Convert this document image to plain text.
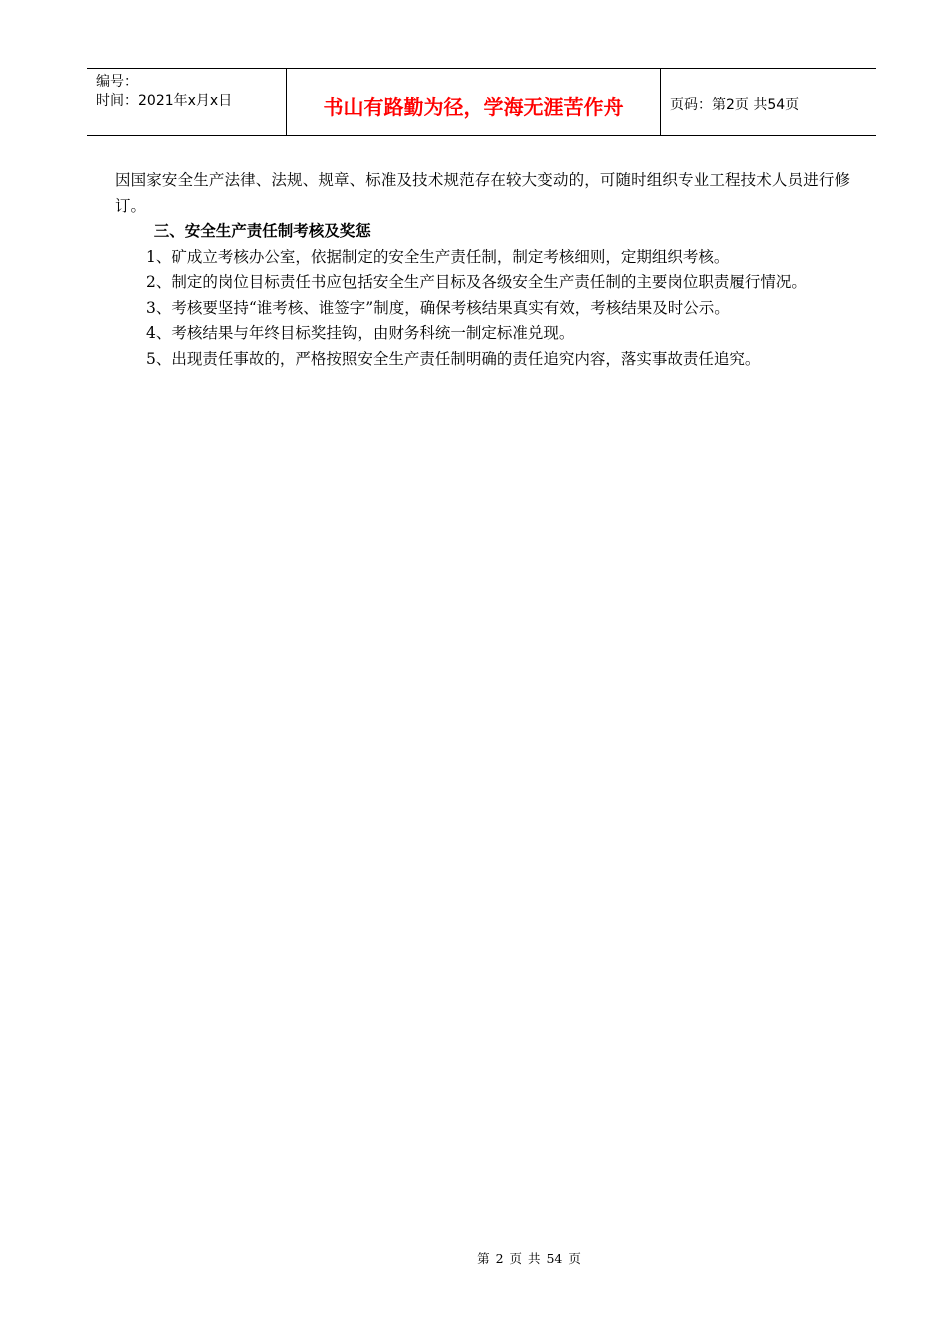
编号：
时间：2021年x月x日	书山有路勤为径，学海无涯苦作舟	页码：第2页 共54页

因国家安全生产法律、法规、规章、标准及技术规范存在较大变动的，可随时组织专业工程技术人员进行修订。

三、安全生产责任制考核及奖惩

1、矿成立考核办公室，依据制定的安全生产责任制，制定考核细则，定期组织考核。

2、制定的岗位目标责任书应包括安全生产目标及各级安全生产责任制的主要岗位职责履行情况。

3、考核要坚持“谁考核、谁签字”制度，确保考核结果真实有效，考核结果及时公示。

4、考核结果与年终目标奖挂钩，由财务科统一制定标准兑现。

5、出现责任事故的，严格按照安全生产责任制明确的责任追究内容，落实事故责任追究。

第 2 页 共 54 页
